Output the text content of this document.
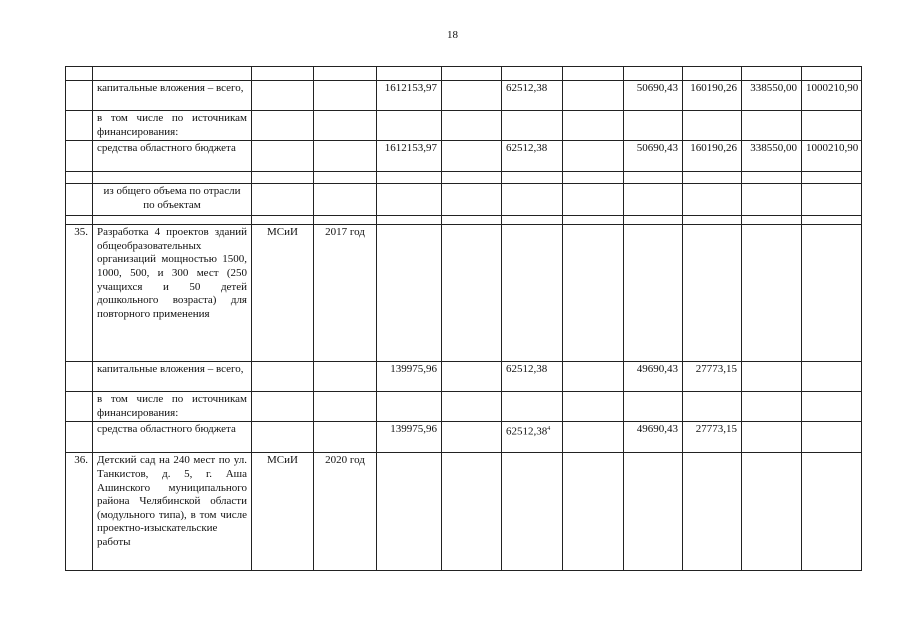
18

	капитальные вложения – всего,			1612153,97		62512,38		50690,43	160190,26	338550,00	1000210,90
	в том числе по источникам финансирования:										
	средства областного бюджета			1612153,97		62512,38		50690,43	160190,26	338550,00	1000210,90

	из общего объема по отрасли по объектам										

35.	Разработка 4 проектов зданий общеобразовательных организаций мощностью 1500, 1000, 500, и 300 мест (250 учащихся и 50 детей дошкольного возраста) для повторного применения	МСиИ	2017 год								
	капитальные вложения – всего,			139975,96		62512,38		49690,43	27773,15		
	в том числе по источникам финансирования:										
	средства областного бюджета			139975,96		62512,38$^4$		49690,43	27773,15		
36.	Детский сад на 240 мест по ул. Танкистов, д. 5, г. Аша Ашинского муниципального района Челябинской области (модульного типа), в том числе проектно-изыскательские работы	МСиИ	2020 год								
